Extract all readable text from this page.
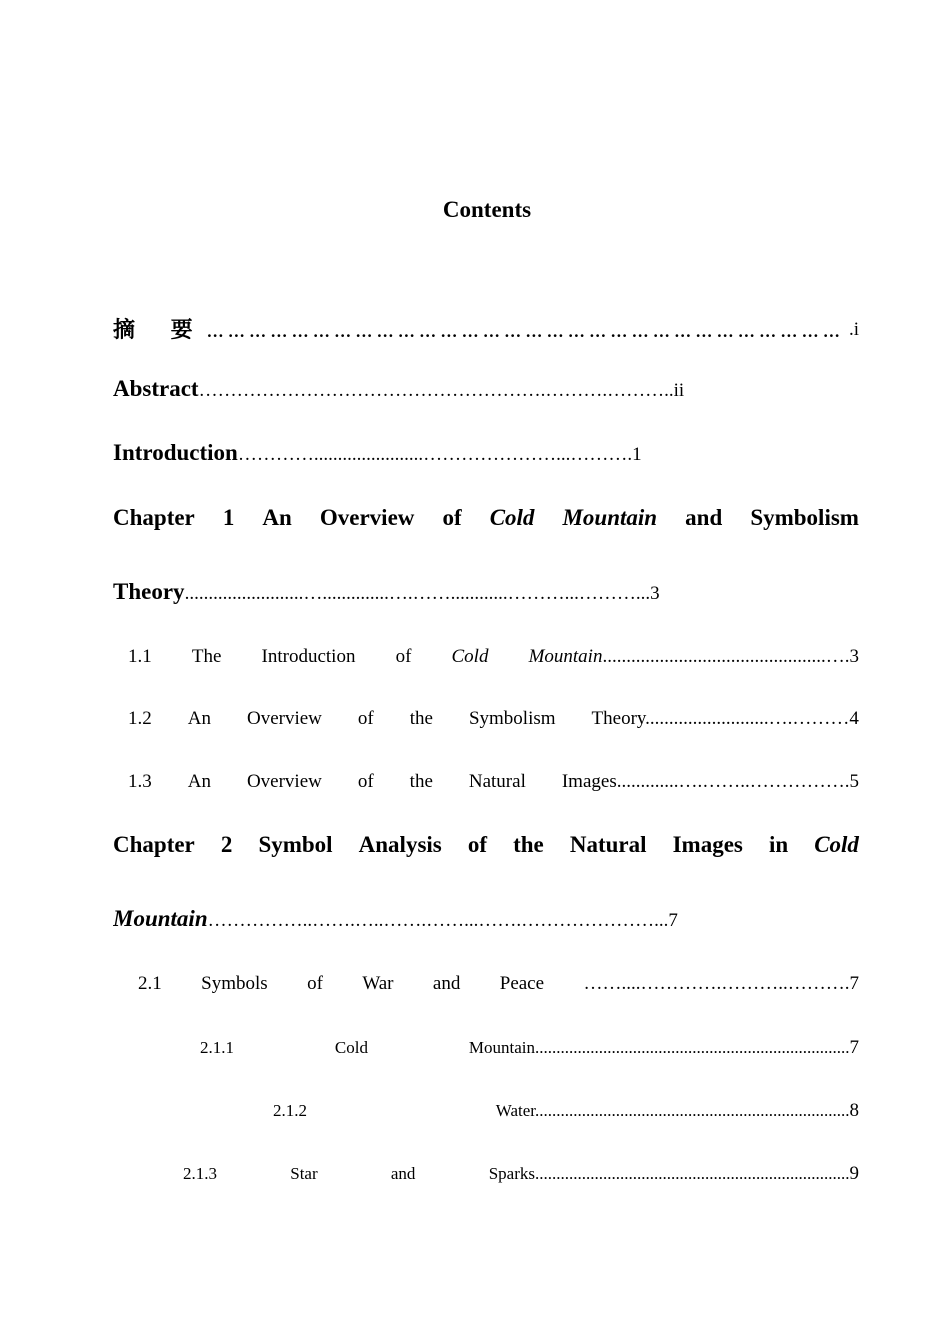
Contents
摘 要… … … … … … … … … … … … … … … … … … … … … … … … … … … … … … .i
Abstract……………………………………………….……….………..ii
Introduction………….......................…………………...……….1
Chapter 1 An Overview of Cold Mountain and Symbolism
Theory.........................…..............….……............………...………...3
1.1 The Introduction of Cold Mountain...............................................….3
1.2 An Overview of the Symbolism Theory..........................….………4
1.3 An Overview of the Natural Images.............….……..…………….5
Chapter 2 Symbol Analysis of the Natural Images in Cold
Mountain……………..…….…..…….……...…….…………………...7
2.1 Symbols of War and Peace ……....………….………..……….7
2.1.1	Cold	Mountain..........................................................................7
2.1.2	Water..........................................................................8
2.1.3	Star	and	Sparks..........................................................................9
